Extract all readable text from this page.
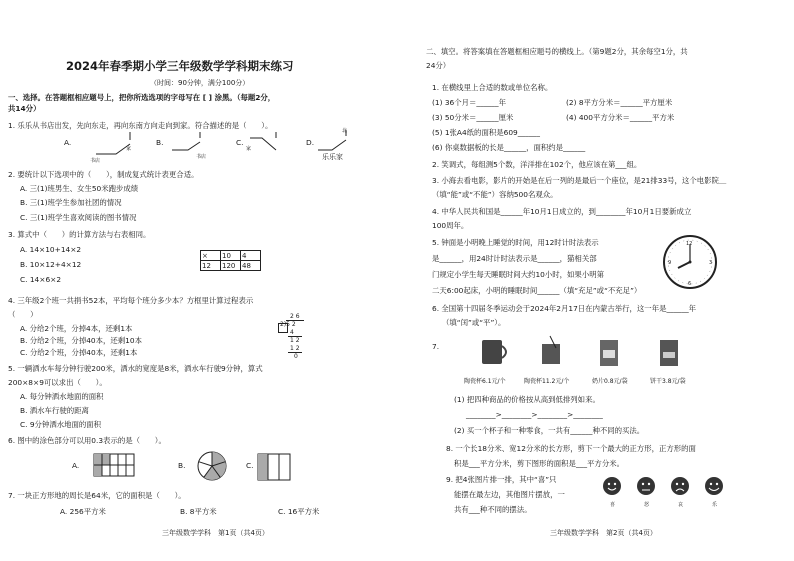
2024年春季期小学三年级数学学科期末练习
（时间：90分钟，满分100分）
一、选择。在答题框相应题号上，把你所选选项的字母写在 [ ] 涂黑。（每题2分，
共14分）
1. 乐乐从书店出发，先向东走，再向东南方向走向到家。符合描述的是（　　）。
A.	B.	C.	D.
书店
家
书店
家
乐乐家
北
2. 要统计以下选项中的（　　），制成复式统计表更合适。
A. 三(1)班男生、女生50米跑步成绩
B. 三(1)班学生参加社团的情况
C. 三(1)班学生喜欢阅读的图书情况
3. 算式中（　　）的计算方法与右表相同。
A. 14×10+14×2
B. 10×12+4×12
C. 14×6×2
×	10	4
12	120	48
4. 三年级2个班一共捐书52本，平均每个班分多少本？方框里计算过程表示
（　　）
A. 分给2个班，分掉4本，还剩1本
B. 分给2个班，分掉40本，还剩10本
C. 分给2个班，分掉40本，还剩1本
2 6
2)5 2
4
1 2
1 2
0
5. 一辆洒水车每分钟行驶200米，洒水的宽度是8米，洒水车行驶9分钟，算式
200×8×9可以求出（　　）。
A. 每分钟洒水地面的面积
B. 洒水车行驶的距离
C. 9分钟洒水地面的面积
6. 图中的涂色部分可以用0.3表示的是（　　）。
A.	B.	C.
7. 一块正方形地的周长是64米，它的面积是（　　）。
A. 256平方米	B. 8平方米	C. 16平方米
三年级数学学科　第1页（共4页）
二、填空。将答案填在答题框相应题号的横线上。（第9题2分，其余每空1分，共
24分）
1. 在横线里上合适的数或单位名称。
(1) 36个月＝______年	(2) 8平方分米＝______平方厘米
(3) 50分米＝______厘米	(4) 400平方分米＝______平方米
(5) 1张A4纸的面积是609______
(6) 你桌数据板的长是______，面积约是______
2. 笑调式，每组测5个数，洋洋排在102个，他应该在第___组。
3. 小海去看电影，影片的开始是在后一列的是最后一个座位，是21排33号，这个电影院＿
（填“能”或“不能”）容纳500名观众。
4. 中华人民共和国是______年10月1日成立的，到________年10月1日要新成立
100周年。
5. 钟面是小明晚上睡觉的时间，用12时计时法表示
是______，用24时计时法表示是______，猫相关部
门规定小学生每天睡眠时间大约10小时，如果小明第
二天6:00起床，小明的睡眠时间______（填“充足”或“不充足”）
12
6
3
9
6. 全国第十四届冬季运动会于2024年2月17日在内蒙古举行，这一年是______年
（填“闰”或“平”）。
7.
陶瓷杯6.1元/个	陶瓷杯11.2元/个	奶片0.8元/袋	饼干3.8元/袋
(1) 把四种商品的价格按从高到低排列如来。
________>________>________>________
(2) 买一个杯子和一种零食，一共有______种不同的买法。
8. 一个长18分米、宽12分米的长方形，剪下一个最大的正方形，正方形的面
积是___平方分米，剪下图形的面积是___平方分米。
9. 把4张图片排一排，其中“喜”只
能摆在最左边，其他图片摆放，一
共有___种不同的摆法。	喜	怒	哀	乐
三年级数学学科　第2页（共4页）
